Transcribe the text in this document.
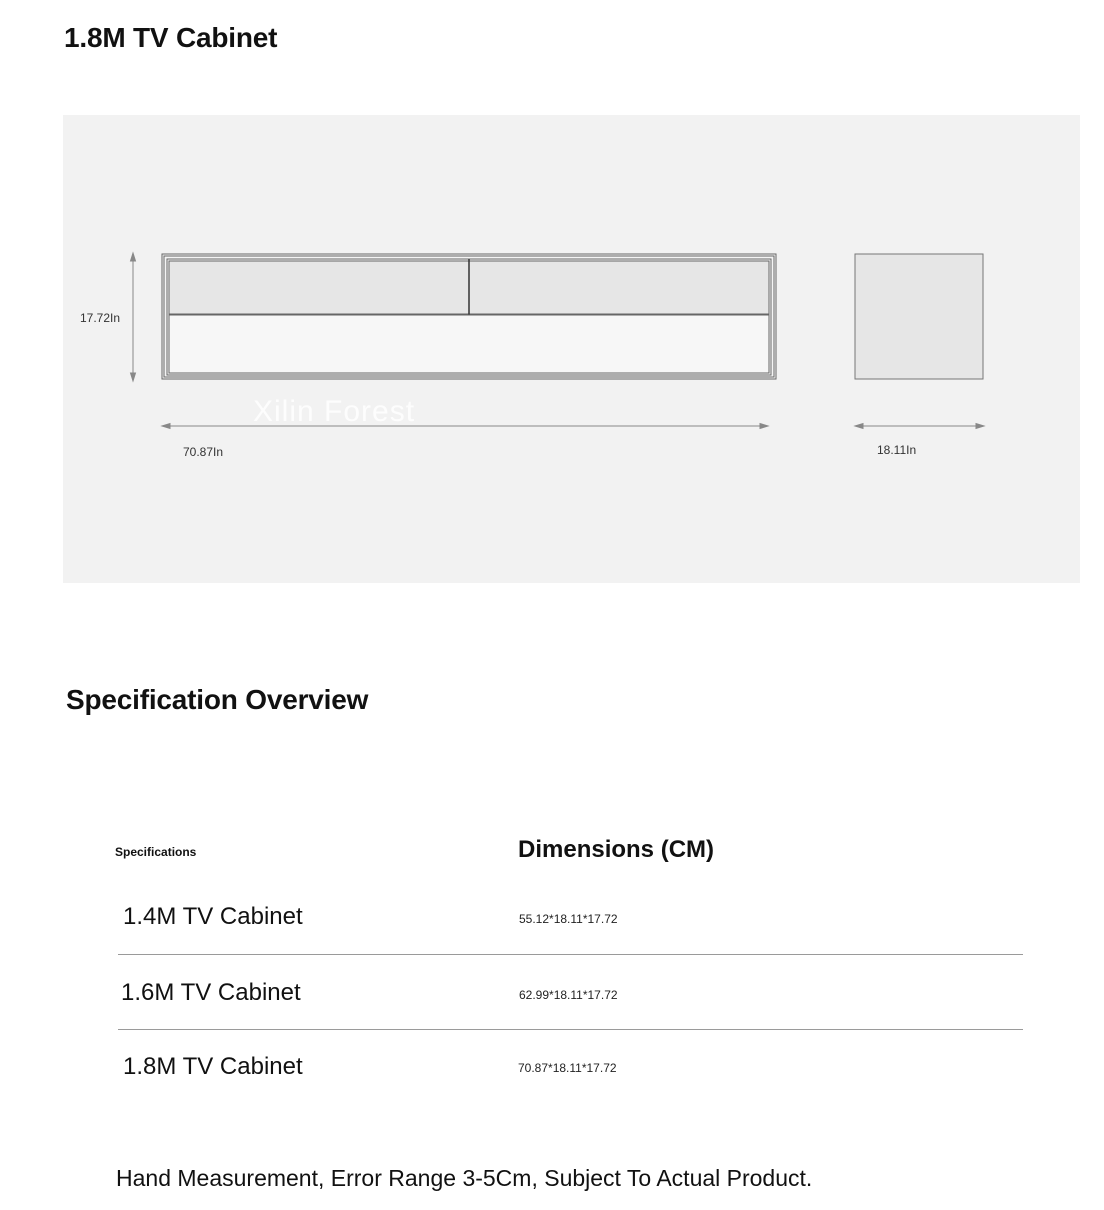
1.8M TV Cabinet
17.72In
70.87In	18.11In
Xilin Forest
Specification Overview
Specifications	Dimensions (CM)
1.4M TV Cabinet	55.12*18.11*17.72
1.6M TV Cabinet	62.99*18.11*17.72
1.8M TV Cabinet	70.87*18.11*17.72

Hand Measurement, Error Range 3-5Cm, Subject To Actual Product.
